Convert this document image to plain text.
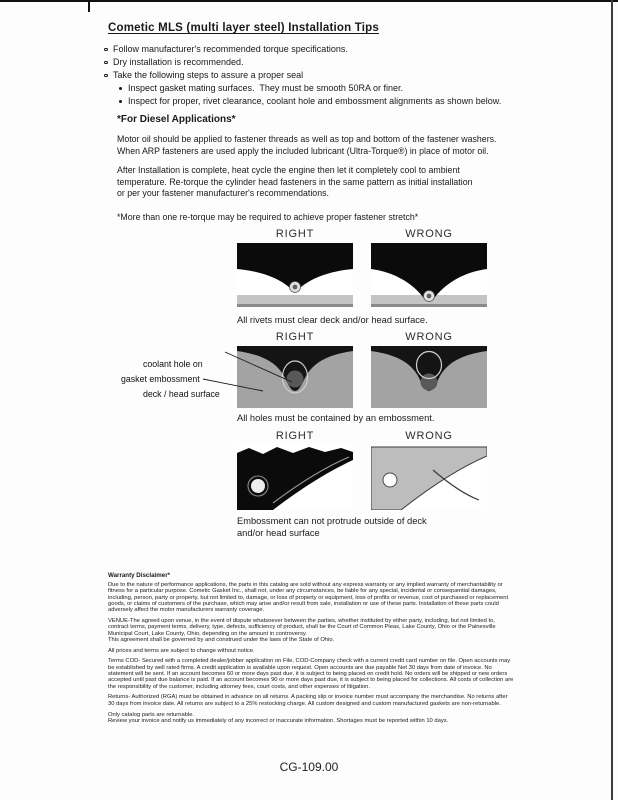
Cometic MLS (multi layer steel) Installation Tips
Follow manufacturer's recommended torque specifications.
Dry installation is recommended.
Take the following steps to assure a proper seal
Inspect gasket mating surfaces.  They must be smooth 50RA or finer.
Inspect for proper, rivet clearance, coolant hole and embossment alignments as shown below.
*For Diesel Applications*
Motor oil should be applied to fastener threads as well as top and bottom of the fastener washers.
When ARP fasteners are used apply the included lubricant (Ultra-Torque®) in place of motor oil.
After Installation is complete, heat cycle the engine then let it completely cool to ambient
temperature. Re-torque the cylinder head fasteners in the same pattern as initial installation
or per your fastener manufacturer's recommendations.
*More than one re-torque may be required to achieve proper fastener stretch*
RIGHT	WRONG
All rivets must clear deck and/or head surface.
RIGHT	WRONG

coolant hole on

deck / head surface

gasket embossment
All holes must be contained by an embossment.
RIGHT	WRONG
Embossment can not protrude outside of deck
and/or head surface
Warranty Disclaimer*

Due to the nature of performance applications, the parts in this catalog are sold without any express warranty or any implied warranty of merchantability or fitness for a particular purpose. Cometic Gasket Inc., shall not, under any circumstances, be liable for any special, incidental or consequential damages, including, person, party or property, but not limited to, damage, or loss of property or equipment, loss of profits or revenue, cost of purchased or replacement goods, or claims of customers of the purchase, which may arise and/or result from sale, installation or use of these parts. Installation of these parts could adversely affect the motor manufacturers warranty coverage.

VENUE-The agreed upon venue, in the event of dispute whatsoever between the parties, whether instituted by either party, including, but not limited to, contract terms, payment terms, delivery, type, defects, sufficiency of product, shall be the Court of Common Pleas, Lake County, Ohio or the Painesville Municipal Court, Lake County, Ohio, depending on the amount in controversy.

This agreement shall be governed by and construed under the laws of the State of Ohio.

All prices and terms are subject to change without notice.

Terms COD- Secured with a completed dealer/jobber application on File, COD-Company check with a current credit card number on file. Open accounts may be established by well rated firms. A credit application is available upon request. Open accounts are due payable Net 30 days from date of invoice. No statement will be sent. If an account becomes 60 or more days past due, it is subject to being placed on credit hold. No orders will be shipped or new orders accepted until past due balance is paid. If an account becomes 90 or more days past due, it is subject to being placed for collections. All costs of collection are the responsibility of the customer, including attorney fees, court costs, and other expenses of litigation.

Returns- Authorized (RGA) must be obtained in advance on all returns. A packing slip or invoice number must accompany the merchandise. No returns after 30 days from invoice date. All returns are subject to a 25% restocking charge. All custom designed and custom manufactured gaskets are non-returnable.

Only catalog parts are returnable.

Review your invoice and notify us immediately of any incorrect or inaccurate information. Shortages must be reported within 10 days.

CG-109.00
